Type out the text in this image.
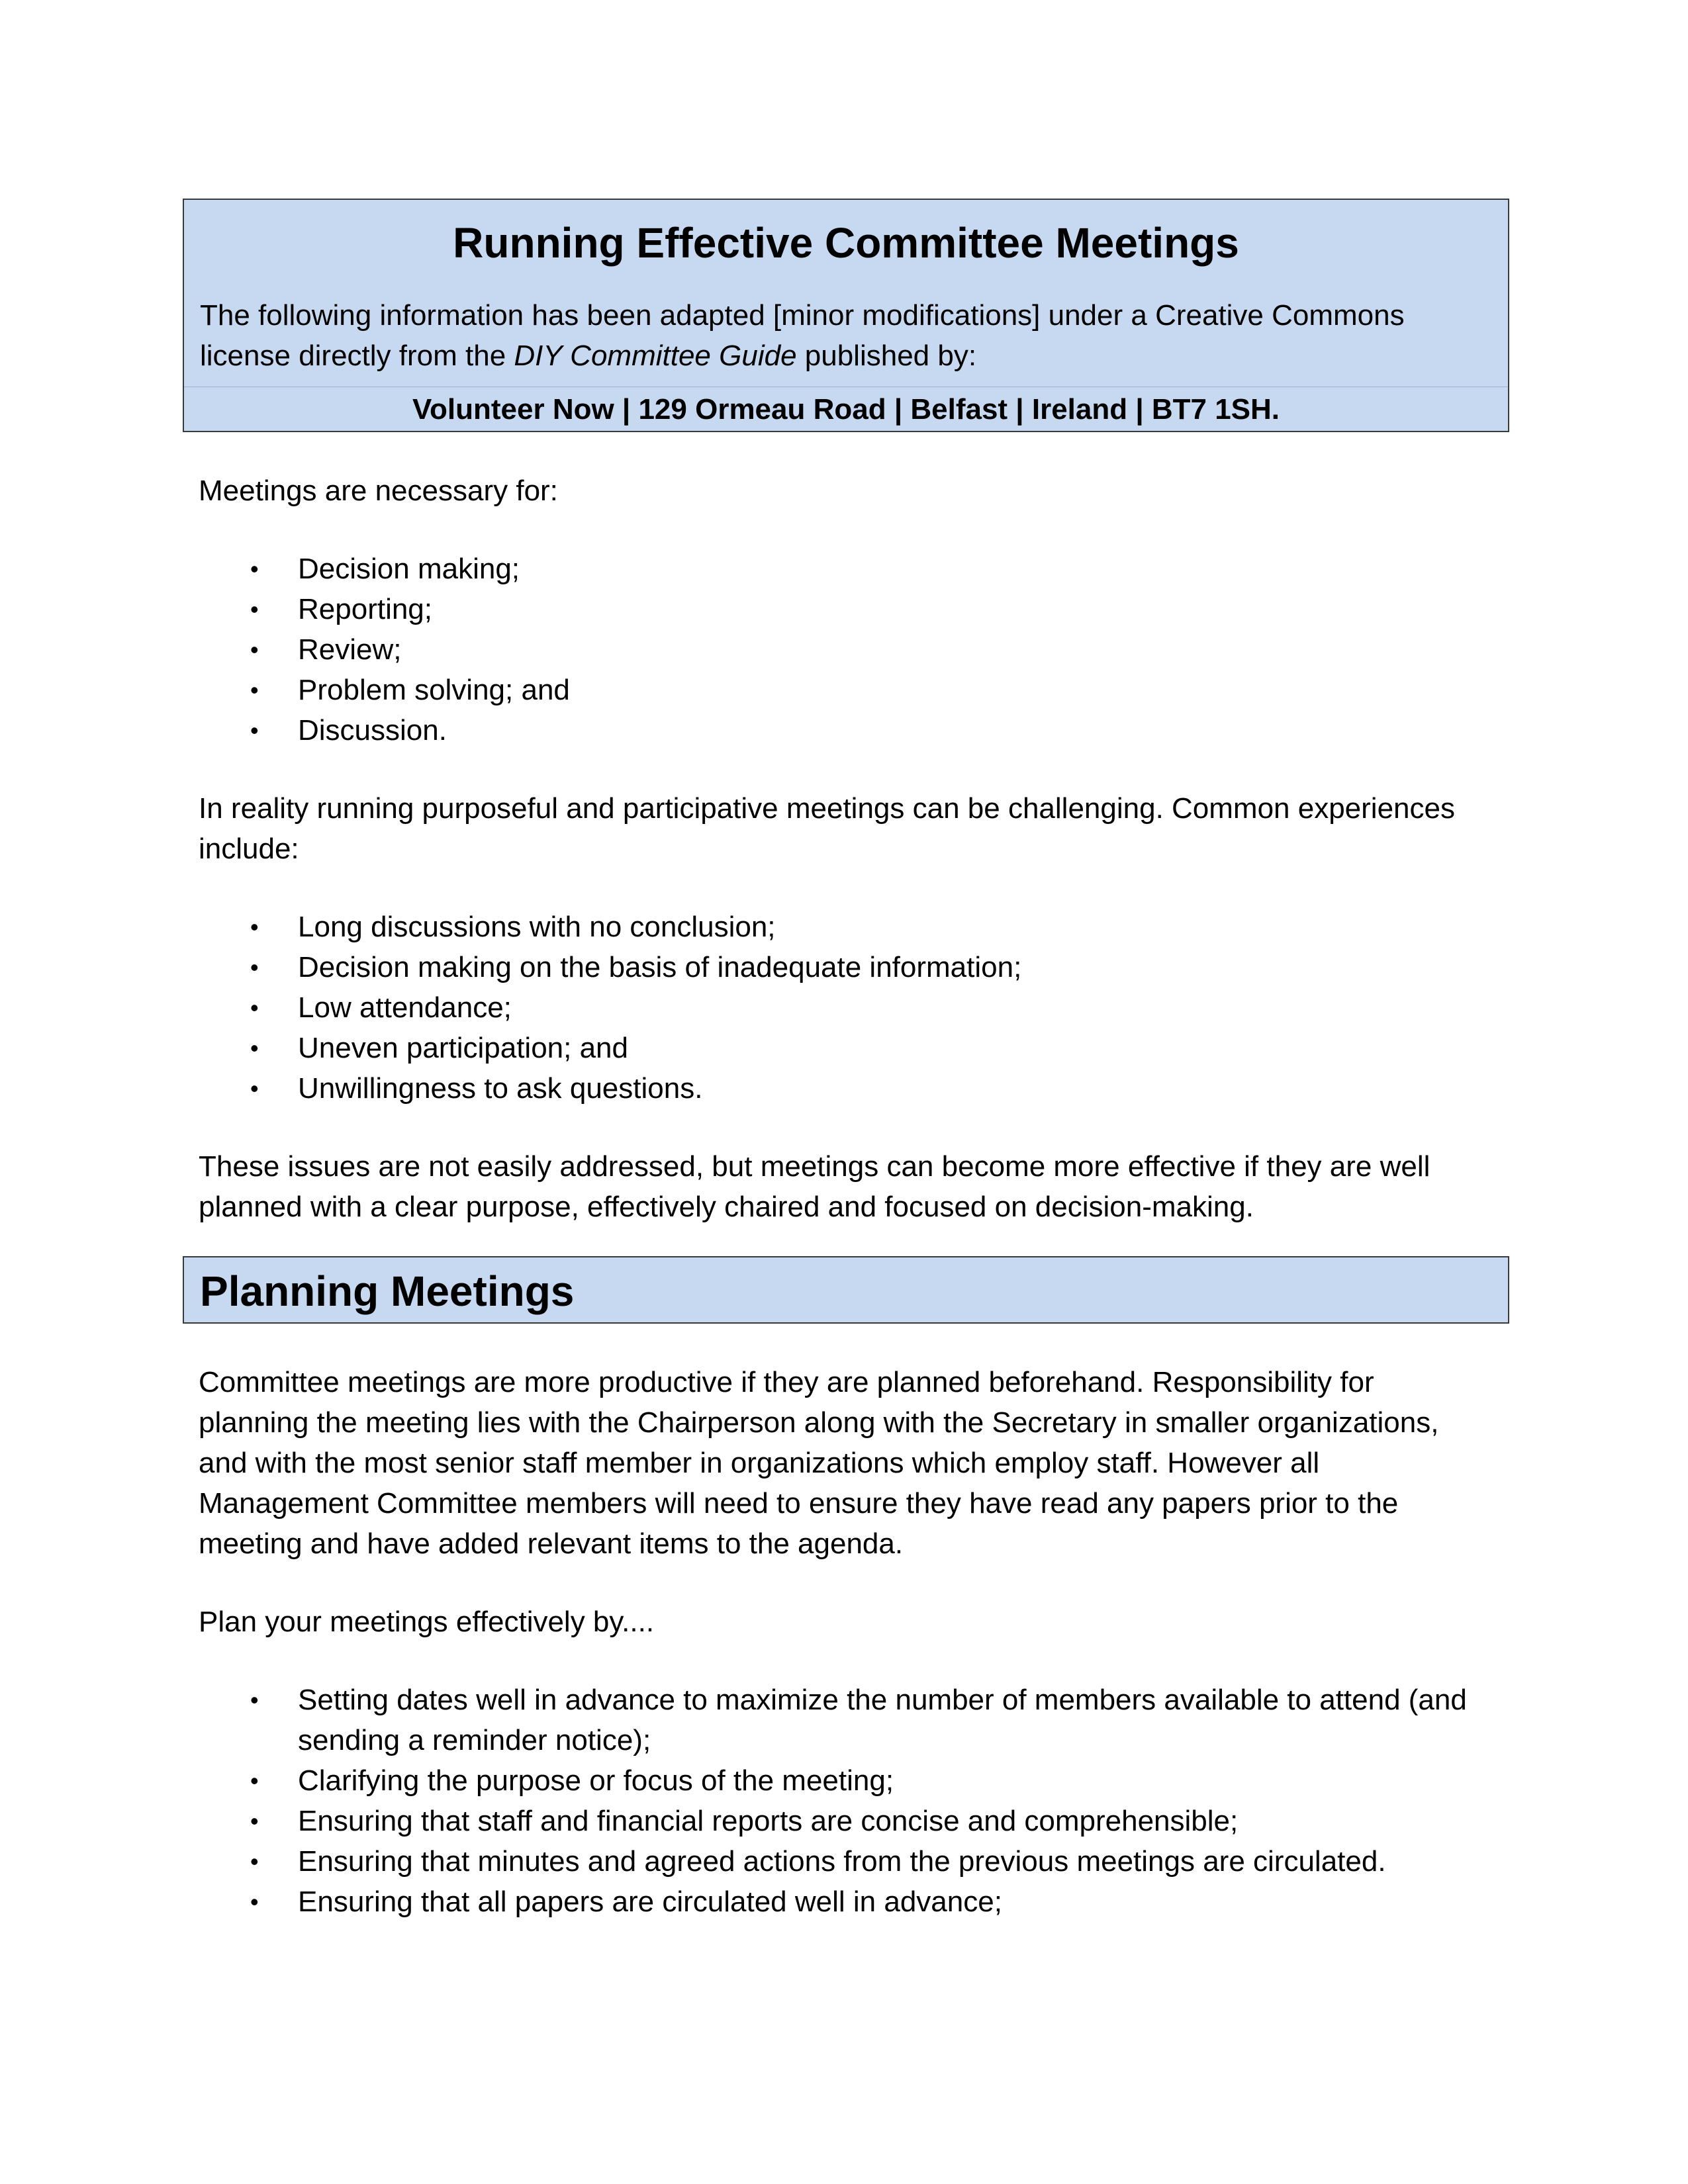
Running Effective Committee Meetings

The following information has been adapted [minor modifications] under a Creative Commons license directly from the DIY Committee Guide published by:

Volunteer Now | 129 Ormeau Road | Belfast | Ireland | BT7 1SH.

Meetings are necessary for:

• Decision making;
• Reporting;
• Review;
• Problem solving; and
• Discussion.

In reality running purposeful and participative meetings can be challenging. Common experiences include:

• Long discussions with no conclusion;
• Decision making on the basis of inadequate information;
• Low attendance;
• Uneven participation; and
• Unwillingness to ask questions.

These issues are not easily addressed, but meetings can become more effective if they are well planned with a clear purpose, effectively chaired and focused on decision-making.

Planning Meetings

Committee meetings are more productive if they are planned beforehand. Responsibility for planning the meeting lies with the Chairperson along with the Secretary in smaller organizations, and with the most senior staff member in organizations which employ staff. However all Management Committee members will need to ensure they have read any papers prior to the meeting and have added relevant items to the agenda.

Plan your meetings effectively by....

• Setting dates well in advance to maximize the number of members available to attend (and sending a reminder notice);
• Clarifying the purpose or focus of the meeting;
• Ensuring that staff and financial reports are concise and comprehensible;
• Ensuring that minutes and agreed actions from the previous meetings are circulated.
• Ensuring that all papers are circulated well in advance;
